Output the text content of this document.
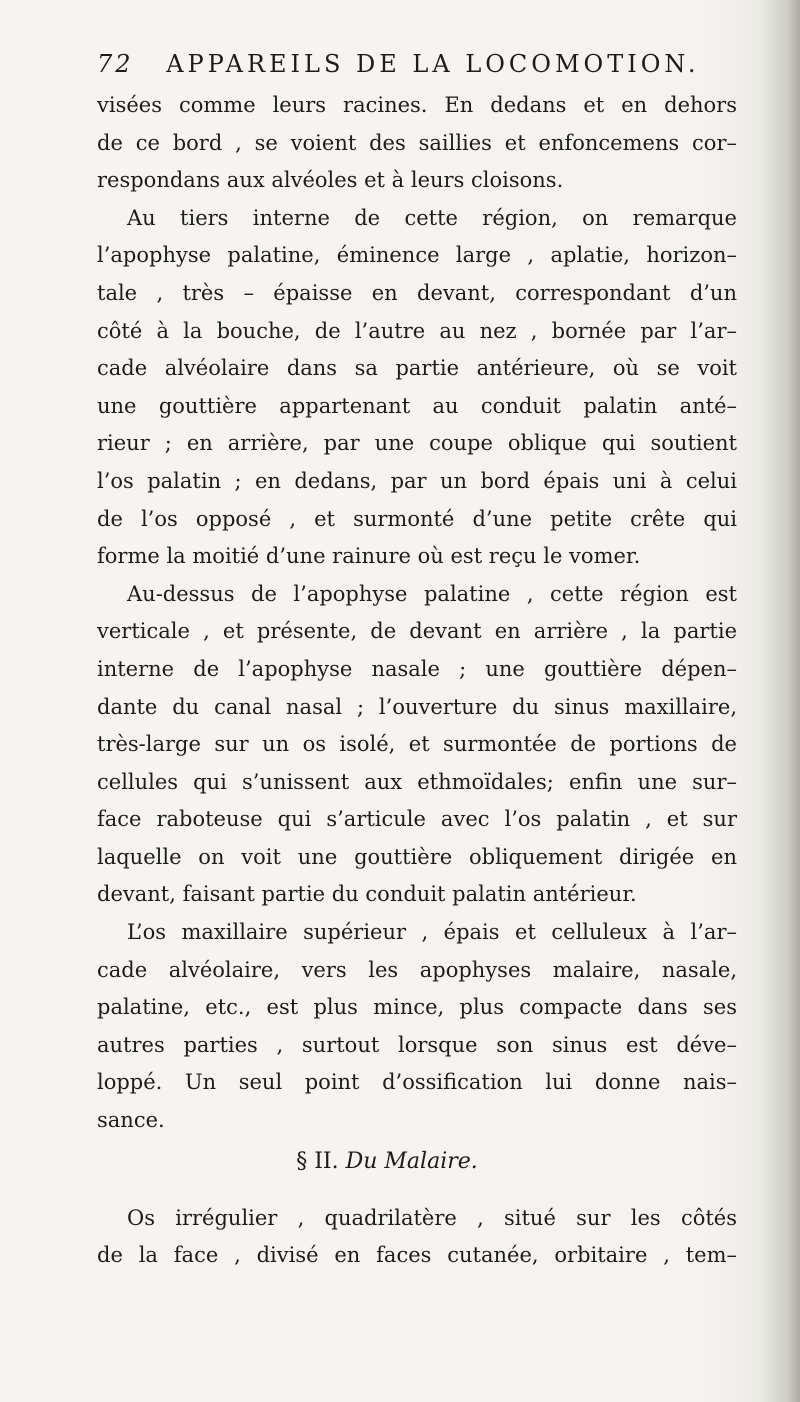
72 APPAREILS DE LA LOCOMOTION.
visées comme leurs racines. En dedans et en dehors
de ce bord , se voient des saillies et enfoncemens cor–
respondans aux alvéoles et à leurs cloisons.
Au tiers interne de cette région, on remarque
l’apophyse palatine, éminence large , aplatie, horizon–
tale , très – épaisse en devant, correspondant d’un
côté à la bouche, de l’autre au nez , bornée par l’ar–
cade alvéolaire dans sa partie antérieure, où se voit
une gouttière appartenant au conduit palatin anté–
rieur ; en arrière, par une coupe oblique qui soutient
l’os palatin ; en dedans, par un bord épais uni à celui
de l’os opposé , et surmonté d’une petite crête qui
forme la moitié d’une rainure où est reçu le vomer.
Au-dessus de l’apophyse palatine , cette région est
verticale , et présente, de devant en arrière , la partie
interne de l’apophyse nasale ; une gouttière dépen–
dante du canal nasal ; l’ouverture du sinus maxillaire,
très-large sur un os isolé, et surmontée de portions de
cellules qui s’unissent aux ethmoïdales; enfin une sur–
face raboteuse qui s’articule avec l’os palatin , et sur
laquelle on voit une gouttière obliquement dirigée en
devant, faisant partie du conduit palatin antérieur.
L’os maxillaire supérieur , épais et celluleux à l’ar–
cade alvéolaire, vers les apophyses malaire, nasale,
palatine, etc., est plus mince, plus compacte dans ses
autres parties , surtout lorsque son sinus est déve–
loppé. Un seul point d’ossification lui donne nais–
sance.
§ II. Du Malaire.
Os irrégulier , quadrilatère , situé sur les côtés
de la face , divisé en faces cutanée, orbitaire , tem–
